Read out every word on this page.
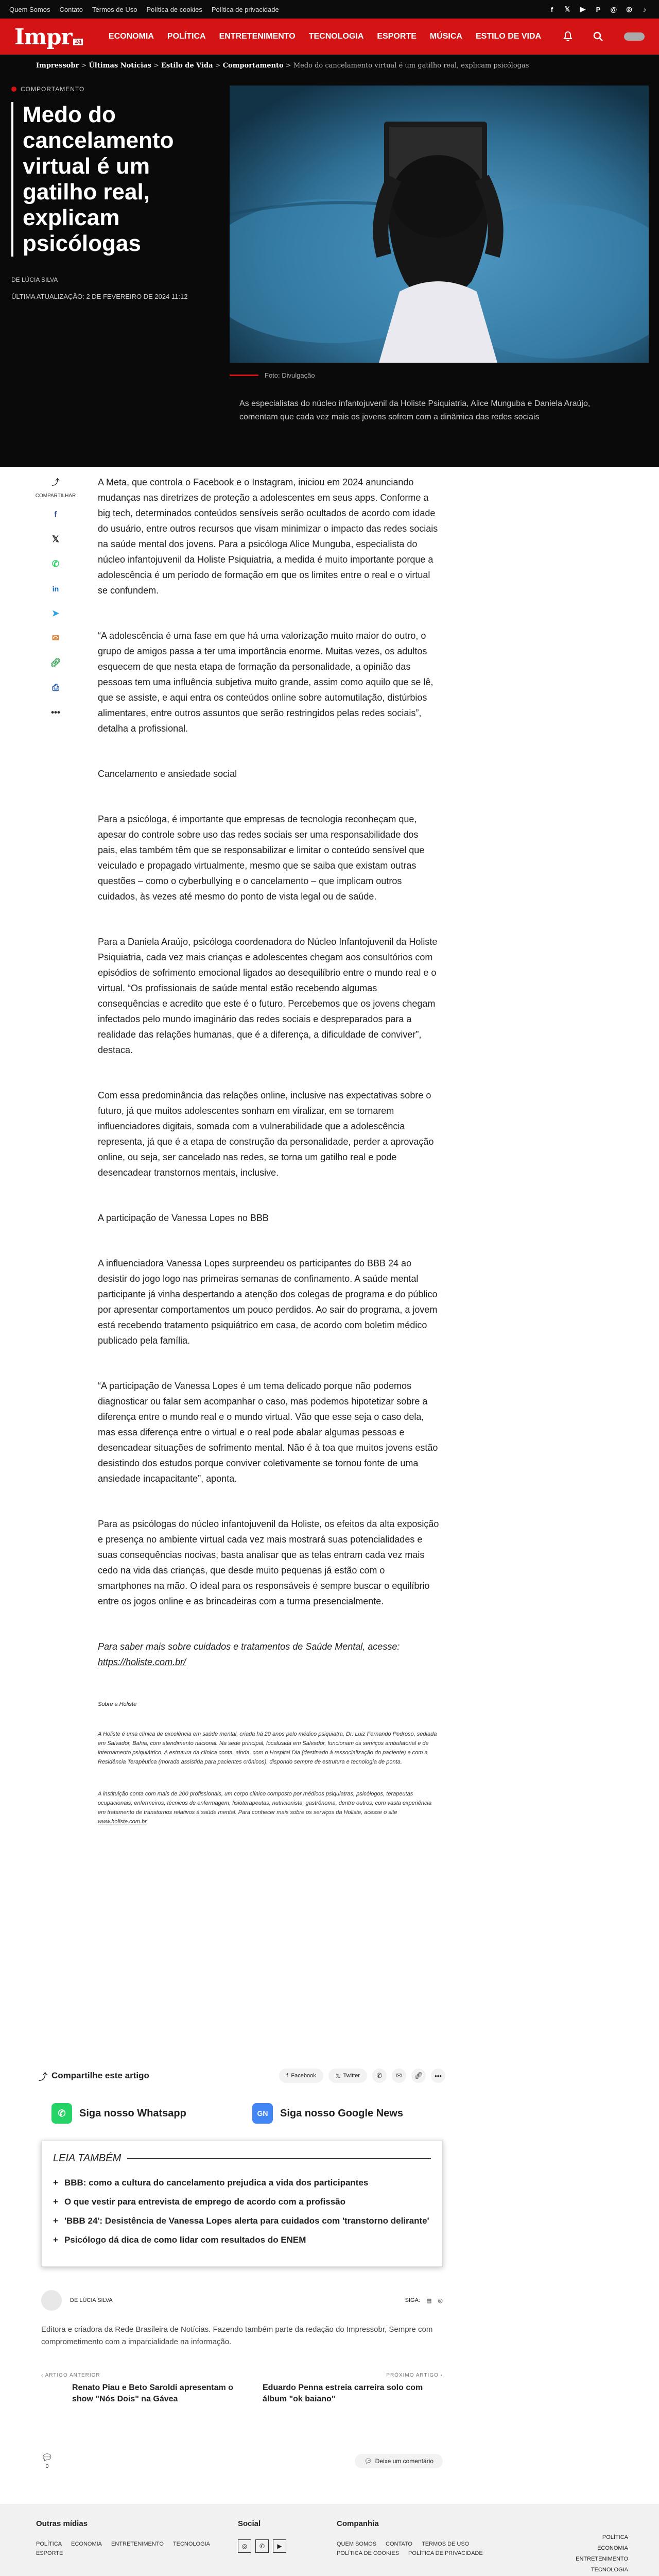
Quem Somos Contato Termos de Uso Política de cookies Política de privacidade	f	𝕏	▶	P	@	◎	♪
Impr 24
ECONOMIA POLÍTICA ENTRETENIMENTO TECNOLOGIA ESPORTE MÚSICA ESTILO DE VIDA
Impressobr > Últimas Notícias > Estilo de Vida > Comportamento > Medo do cancelamento virtual é um gatilho real, explicam psicólogas
COMPORTAMENTO
Medo do cancelamento virtual é um gatilho real, explicam psicólogas
DE LÚCIA SILVA
ÚLTIMA ATUALIZAÇÃO: 2 DE FEVEREIRO DE 2024 11:12
Foto: Divulgação
As especialistas do núcleo infantojuvenil da Holiste Psiquiatria, Alice Munguba e Daniela Araújo, comentam que cada vez mais os jovens sofrem com a dinâmica das redes sociais
⤴
COMPARTILHAR
f
𝕏
✆
in
➤
✉
🔗︎
⎙
•••

A Meta, que controla o Facebook e o Instagram, iniciou em 2024 anunciando mudanças nas diretrizes de proteção a adolescentes em seus apps. Conforme a big tech, determinados conteúdos sensíveis serão ocultados de acordo com idade do usuário, entre outros recursos que visam minimizar o impacto das redes sociais na saúde mental dos jovens. Para a psicóloga Alice Munguba, especialista do núcleo infantojuvenil da Holiste Psiquiatria, a medida é muito importante porque a adolescência é um período de formação em que os limites entre o real e o virtual se confundem.

“A adolescência é uma fase em que há uma valorização muito maior do outro, o grupo de amigos passa a ter uma importância enorme. Muitas vezes, os adultos esquecem de que nesta etapa de formação da personalidade, a opinião das pessoas tem uma influência subjetiva muito grande, assim como aquilo que se lê, que se assiste, e aqui entra os conteúdos online sobre automutilação, distúrbios alimentares, entre outros assuntos que serão restringidos pelas redes sociais”, detalha a profissional.

Cancelamento e ansiedade social

Para a psicóloga, é importante que empresas de tecnologia reconheçam que, apesar do controle sobre uso das redes sociais ser uma responsabilidade dos pais, elas também têm que se responsabilizar e limitar o conteúdo sensível que veiculado e propagado virtualmente, mesmo que se saiba que existam outras questões – como o cyberbullying e o cancelamento – que implicam outros cuidados, às vezes até mesmo do ponto de vista legal ou de saúde.

Para a Daniela Araújo, psicóloga coordenadora do Núcleo Infantojuvenil da Holiste Psiquiatria, cada vez mais crianças e adolescentes chegam aos consultórios com episódios de sofrimento emocional ligados ao desequilíbrio entre o mundo real e o virtual. “Os profissionais de saúde mental estão recebendo algumas consequências e acredito que este é o futuro. Percebemos que os jovens chegam infectados pelo mundo imaginário das redes sociais e despreparados para a realidade das relações humanas, que é a diferença, a dificuldade de conviver”, destaca.

Com essa predominância das relações online, inclusive nas expectativas sobre o futuro, já que muitos adolescentes sonham em viralizar, em se tornarem influenciadores digitais, somada com a vulnerabilidade que a adolescência representa, já que é a etapa de construção da personalidade, perder a aprovação online, ou seja, ser cancelado nas redes, se torna um gatilho real e pode desencadear transtornos mentais, inclusive.

A participação de Vanessa Lopes no BBB

A influenciadora Vanessa Lopes surpreendeu os participantes do BBB 24 ao desistir do jogo logo nas primeiras semanas de confinamento. A saúde mental participante já vinha despertando a atenção dos colegas de programa e do público por apresentar comportamentos um pouco perdidos. Ao sair do programa, a jovem está recebendo tratamento psiquiátrico em casa, de acordo com boletim médico publicado pela família.

“A participação de Vanessa Lopes é um tema delicado porque não podemos diagnosticar ou falar sem acompanhar o caso, mas podemos hipotetizar sobre a diferença entre o mundo real e o mundo virtual. Vão que esse seja o caso dela, mas essa diferença entre o virtual e o real pode abalar algumas pessoas e desencadear situações de sofrimento mental. Não é à toa que muitos jovens estão desistindo dos estudos porque conviver coletivamente se tornou fonte de uma ansiedade incapacitante”, aponta.

Para as psicólogas do núcleo infantojuvenil da Holiste, os efeitos da alta exposição e presença no ambiente virtual cada vez mais mostrará suas potencialidades e suas consequências nocivas, basta analisar que as telas entram cada vez mais cedo na vida das crianças, que desde muito pequenas já estão com o smartphones na mão. O ideal para os responsáveis é sempre buscar o equilíbrio entre os jogos online e as brincadeiras com a turma presencialmente.

Para saber mais sobre cuidados e tratamentos de Saúde Mental, acesse: https://holiste.com.br/

Sobre a Holiste

A Holiste é uma clínica de excelência em saúde mental, criada há 20 anos pelo médico psiquiatra, Dr. Luiz Fernando Pedroso, sediada em Salvador, Bahia, com atendimento nacional. Na sede principal, localizada em Salvador, funcionam os serviços ambulatorial e de internamento psiquiátrico. A estrutura da clínica conta, ainda, com o Hospital Dia (destinado à ressocialização do paciente) e com a Residência Terapêutica (morada assistida para pacientes crônicos), dispondo sempre de estrutura e tecnologia de ponta.

A instituição conta com mais de 200 profissionais, um corpo clínico composto por médicos psiquiatras, psicólogos, terapeutas ocupacionais, enfermeiros, técnicos de enfermagem, fisioterapeutas, nutricionista, gastrônoma, dentre outros, com vasta experiência em tratamento de transtornos relativos à saúde mental. Para conhecer mais sobre os serviços da Holiste, acesse o site www.holiste.com.br

⤴ Compartilhe este artigo	f Facebook	𝕏 Twitter	✆	✉	🔗︎	•••
✆	Siga nosso Whatsapp	GN	Siga nosso Google News
LEIA TAMBÉM
+ BBB: como a cultura do cancelamento prejudica a vida dos participantes
+ O que vestir para entrevista de emprego de acordo com a profissão
+ 'BBB 24': Desistência de Vanessa Lopes alerta para cuidados com 'transtorno delirante'
+ Psicólogo dá dica de como lidar com resultados do ENEM
DE LÚCIA SILVA	SIGA: ▤ ◎
Editora e criadora da Rede Brasileira de Notícias. Fazendo também parte da redação do Impressobr, Sempre com comprometimento com a imparcialidade na informação.
‹ ARTIGO ANTERIOR
Renato Piau e Beto Saroldi apresentam o show "Nós Dois" na Gávea
PRÓXIMO ARTIGO ›
Eduardo Penna estreia carreira solo com álbum "ok baiano"
💬︎
0
💬︎ Deixe um comentário
Outras mídias
POLÍTICA ECONOMIA ENTRETENIMENTO TECNOLOGIA
ESPORTE
Social
◎	✆	▶
Companhia
QUEM SOMOS CONTATO TERMOS DE USO
POLÍTICA DE COOKIES POLÍTICA DE PRIVACIDADE
POLÍTICA
ECONOMIA
ENTRETENIMENTO
TECNOLOGIA
